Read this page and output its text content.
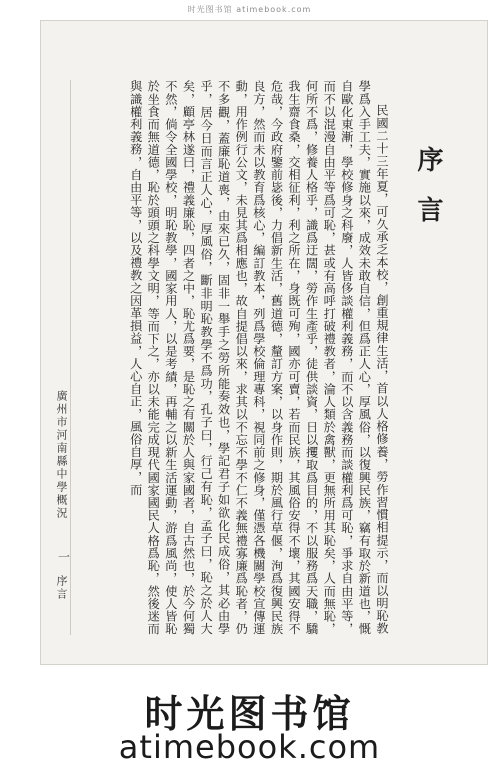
时光图书馆 atimebook.com
序言

民國二十三年夏，可久承乏本校，創重規律生活，首以人格修養，勞作習慣相提示，而以明恥教學爲入手工夫，實施以來，成效未敢自信，但爲正人心，厚風俗，以復興民族，竊有取於新道也，慨自歐化東漸，學校修身之科廢，人皆侈談權利義務，而不以含義務而談權利爲可恥，爭求自由平等，而不以混漫自由平等爲可恥，甚或有高呼打破禮教者，淪人類於禽獸，更無所用其恥矣，人而無恥，何所不爲，修養人格乎，識爲迂闊，勞作生產乎，徒供談資，日以攫取爲目的，不以服務爲天職，驕我生齋食桑，交相征利，利之所在，身既可殉，國亦可賣，若而民族，其風俗安得不壞，其國安得不危哉，今政府鑒前毖後，力倡新生活，舊道德，釐訂方案，以身作則，期於風行草偃，洵爲復興民族良方，然而未以教育爲核心，編訂教本，列爲學校倫理專科，視同前之修身，僅憑各機關學校宣傳運動，用作例行公文，未見其爲相應也，故自提倡以來，求其以不忘不學不仁不義無禮寡廉爲恥者，仍不多觀，蓋廉恥道喪，由來已久，固非一舉手之勞所能奏效也，學記君子如欲化民成俗，其必由學乎，居今日而言正人心，厚風俗，斷非明恥教學不爲功，孔子曰，行己有恥，孟子曰，恥之於人大矣，顧亭林遂曰，禮義廉恥，四者之中，恥尤爲要，是恥之有關於人與家國者，自古然也，於今何獨不然，倘令全國學校，明恥教學，國家用人，以是考績，再輔之以新生活運動，游爲風尚，使人皆恥於坐食而無道德，恥於頭頭之科學文明，等而下之，亦以未能完成現代國家國民人格爲恥，然後迷而與識權利義務，自由平等，以及禮教之因革損益，人心自正，風俗自厚，而

廣州市河南縣中學概況
一
序言
时光图书馆
atimebook.com
